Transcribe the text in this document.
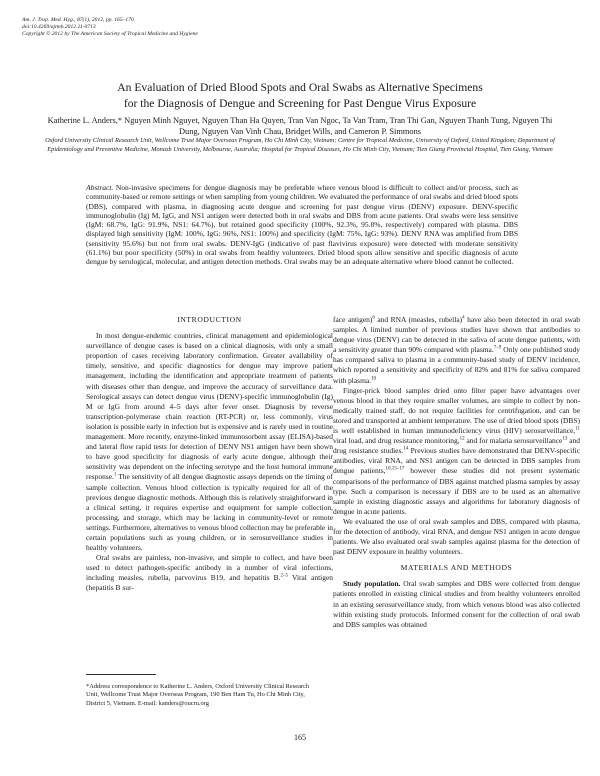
Am. J. Trop. Med. Hyg., 87(1), 2012, pp. 165–170
doi:10.4269/ajtmh.2012.11-0713
Copyright © 2012 by The American Society of Tropical Medicine and Hygiene
An Evaluation of Dried Blood Spots and Oral Swabs as Alternative Specimens
for the Diagnosis of Dengue and Screening for Past Dengue Virus Exposure
Katherine L. Anders,* Nguyen Minh Nguyet, Nguyen Than Ha Quyen, Tran Van Ngoc, Ta Van Tram, Tran Thi Gan, Nguyen Thanh Tung, Nguyen Thi Dung, Nguyen Van Vinh Chau, Bridget Wills, and Cameron P. Simmons
Oxford University Clinical Research Unit, Wellcome Trust Major Overseas Program, Ho Chi Minh City, Vietnam; Centre for Tropical Medicine, University of Oxford, United Kingdom; Department of Epidemiology and Preventive Medicine, Monash University, Melbourne, Australia; Hospital for Tropical Diseases, Ho Chi Minh City, Vietnam; Tien Giang Provincial Hospital, Tien Giang, Vietnam
Abstract. Non-invasive specimens for dengue diagnosis may be preferable where venous blood is difficult to collect and/or process, such as community-based or remote settings or when sampling from young children. We evaluated the performance of oral swabs and dried blood spots (DBS), compared with plasma, in diagnosing acute dengue and screening for past dengue virus (DENV) exposure. DENV-specific immunoglobulin (Ig) M, IgG, and NS1 antigen were detected both in oral swabs and DBS from acute patients. Oral swabs were less sensitive (IgM: 68.7%, IgG: 91.9%, NS1: 64.7%), but retained good specificity (100%, 92.3%, 95.8%, respectively) compared with plasma. DBS displayed high sensitivity (IgM: 100%, IgG: 96%, NS1: 100%) and specificity (IgM: 75%, IgG: 93%). DENV RNA was amplified from DBS (sensitivity 95.6%) but not from oral swabs. DENV-IgG (indicative of past flavivirus exposure) were detected with moderate sensitivity (61.1%) but poor specificity (50%) in oral swabs from healthy volunteers. Dried blood spots allow sensitive and specific diagnosis of acute dengue by serological, molecular, and antigen detection methods. Oral swabs may be an adequate alternative where blood cannot be collected.
INTRODUCTION

In most dengue-endemic countries, clinical management and epidemiological surveillance of dengue cases is based on a clinical diagnosis, with only a small proportion of cases receiving laboratory confirmation. Greater availability of timely, sensitive, and specific diagnostics for dengue may improve patient management, including the identification and appropriate treatment of patients with diseases other than dengue, and improve the accuracy of surveillance data. Serological assays can detect dengue virus (DENV)-specific immunoglobulin (Ig) M or IgG from around 4–5 days after fever onset. Diagnosis by reverse transcription-polymerase chain reaction (RT-PCR) or, less commonly, virus isolation is possible early in infection but is expensive and is rarely used in routine management. More recently, enzyme-linked immunosorbent assay (ELISA)-based and lateral flow rapid tests for detection of DENV NS1 antigen have been shown to have good specificity for diagnosis of early acute dengue, although their sensitivity was dependent on the infecting serotype and the host humoral immune response.$^1$ The sensitivity of all dengue diagnostic assays depends on the timing of sample collection. Venous blood collection is typically required for all of the previous dengue diagnostic methods. Although this is relatively straightforward in a clinical setting, it requires expertise and equipment for sample collection, processing, and storage, which may be lacking in community-level or remote settings. Furthermore, alternatives to venous blood collection may be preferable in certain populations such as young children, or in serosurveillance studies in healthy volunteers.

Oral swabs are painless, non-invasive, and simple to collect, and have been used to detect pathogen-specific antibody in a number of viral infections, including measles, rubella, parvovirus B19, and hepatitis B.$^{2-5}$ Viral antigen (hepatitis B sur-

face antigen)$^6$ and RNA (measles, rubella)$^4$ have also been detected in oral swab samples. A limited number of previous studies have shown that antibodies to dengue virus (DENV) can be detected in the saliva of acute dengue patients, with a sensitivity greater than 90% compared with plasma.$^{7-9}$ Only one published study has compared saliva to plasma in a community-based study of DENV incidence, which reported a sensitivity and specificity of 82% and 81% for saliva compared with plasma.$^{10}$

Finger-prick blood samples dried onto filter paper have advantages over venous blood in that they require smaller volumes, are simple to collect by non-medically trained staff, do not require facilities for centrifugation, and can be stored and transported at ambient temperature. The use of dried blood spots (DBS) is well established in human immunodeficiency virus (HIV) serosurveillance,$^{11}$ viral load, and drug resistance monitoring,$^{12}$ and for malaria serosurveillance$^{13}$ and drug resistance studies.$^{14}$ Previous studies have demonstrated that DENV-specific antibodies, viral RNA, and NS1 antigen can be detected in DBS samples from dengue patients,$^{10,15-17}$ however these studies did not present systematic comparisons of the performance of DBS against matched plasma samples by assay type. Such a comparison is necessary if DBS are to be used as an alternative sample in existing diagnostic assays and algorithms for laboratory diagnosis of dengue in acute patients.

We evaluated the use of oral swab samples and DBS, compared with plasma, for the detection of antibody, viral RNA, and dengue NS1 antigen in acute dengue patients. We also evaluated oral swab samples against plasma for the detection of past DENV exposure in healthy volunteers.

MATERIALS AND METHODS

Study population. Oral swab samples and DBS were collected from dengue patients enrolled in existing clinical studies and from healthy volunteers enrolled in an existing serosurveillance study, from which venous blood was also collected within existing study protocols. Informed consent for the collection of oral swab and DBS samples was obtained

*Address correspondence to Katherine L. Anders, Oxford University Clinical Research Unit, Wellcome Trust Major Overseas Program, 190 Ben Ham Tu, Ho Chi Minh City, District 5, Vietnam. E-mail: kanders@oucru.org
165
